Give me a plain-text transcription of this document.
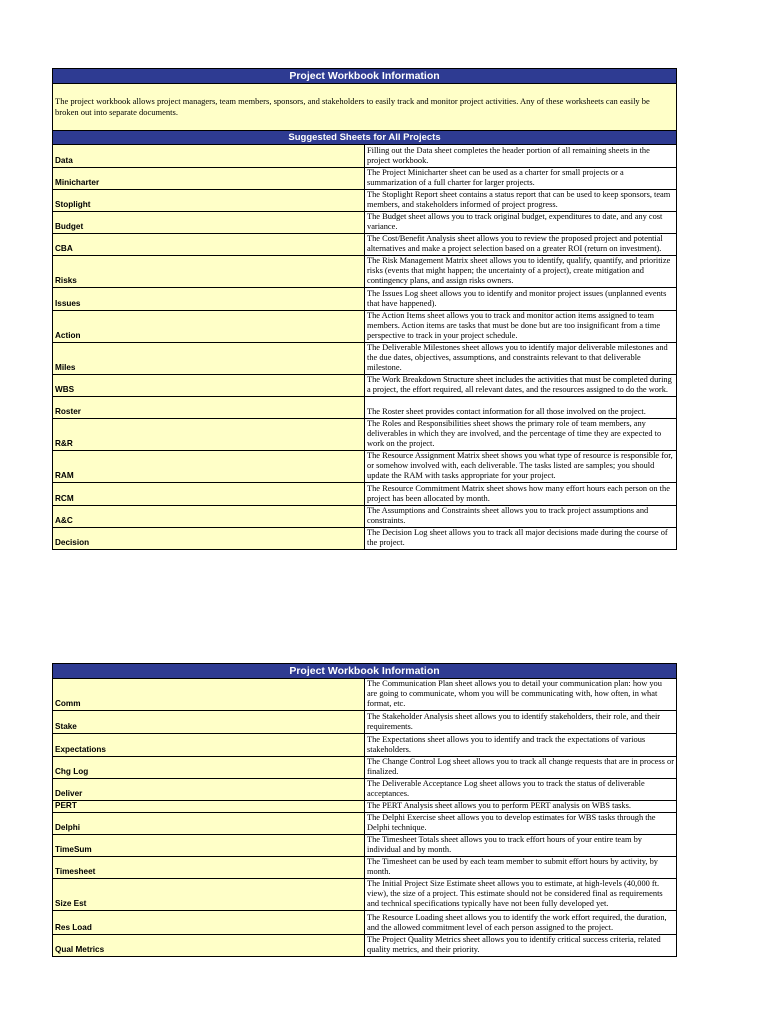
Project Workbook Information	
The project workbook allows project managers, team members, sponsors, and stakeholders to easily track and monitor project activities. Any of these worksheets can easily be broken out into separate documents.	
Suggested Sheets for All Projects	
Data	Filling out the Data sheet completes the header portion of all remaining sheets in the project workbook.
Minicharter	The Project Minicharter sheet can be used as a charter for small projects or a summarization of a full charter for larger projects.
Stoplight	The Stoplight Report sheet contains a status report that can be used to keep sponsors, team members, and stakeholders informed of project progress.
Budget	The Budget sheet allows you to track original budget, expenditures to date, and any cost variance.
CBA	The Cost/Benefit Analysis sheet allows you to review the proposed project and potential alternatives and make a project selection based on a greater ROI (return on investment).
Risks	The Risk Management Matrix sheet allows you to identify, qualify, quantify, and prioritize risks (events that might happen; the uncertainty of a project), create mitigation and contingency plans, and assign risks owners.
Issues	The Issues Log sheet allows you to identify and monitor project issues (unplanned events that have happened).
Action	The Action Items sheet allows you to track and monitor action items assigned to team members. Action items are tasks that must be done but are too insignificant from a time perspective to track in your project schedule.
Miles	The Deliverable Milestones sheet allows you to identify major deliverable milestones and the due dates, objectives, assumptions, and constraints relevant to that deliverable milestone.
WBS	The Work Breakdown Structure sheet includes the activities that must be completed during a project, the effort required, all relevant dates, and the resources assigned to do the work.
Roster	The Roster sheet provides contact information for all those involved on the project.
R&R	The Roles and Responsibilities sheet shows the primary role of team members, any deliverables in which they are involved, and the percentage of time they are expected to work on the project.
RAM	The Resource Assignment Matrix sheet shows you what type of resource is responsible for, or somehow involved with, each deliverable. The tasks listed are samples; you should update the RAM with tasks appropriate for your project.
RCM	The Resource Commitment Matrix sheet shows how many effort hours each person on the project has been allocated by month.
A&C	The Assumptions and Constraints sheet allows you to track project assumptions and constraints.
Decision	The Decision Log sheet allows you to track all major decisions made during the course of the project.
Project Workbook Information	
Comm	The Communication Plan sheet allows you to detail your communication plan: how you are going to communicate, whom you will be communicating with, how often, in what format, etc.
Stake	The Stakeholder Analysis sheet allows you to identify stakeholders, their role, and their requirements.
Expectations	The Expectations sheet allows you to identify and track the expectations of various stakeholders.
Chg Log	The Change Control Log sheet allows you to track all change requests that are in process or finalized.
Deliver	The Deliverable Acceptance Log sheet allows you to track the status of deliverable acceptances.
PERT	The PERT Analysis sheet allows you to perform PERT analysis on WBS tasks.
Delphi	The Delphi Exercise sheet allows you to develop estimates for WBS tasks through the Delphi technique.
TimeSum	The Timesheet Totals sheet allows you to track effort hours of your entire team by individual and by month.
Timesheet	The Timesheet can be used by each team member to submit effort hours by activity, by month.
Size Est	The Initial Project Size Estimate sheet allows you to estimate, at high-levels (40,000 ft. view), the size of a project. This estimate should not be considered final as requirements and technical specifications typically have not been fully developed yet.
Res Load	The Resource Loading sheet allows you to identify the work effort required, the duration, and the allowed commitment level of each person assigned to the project.
Qual Metrics	The Project Quality Metrics sheet allows you to identify critical success criteria, related quality metrics, and their priority.
